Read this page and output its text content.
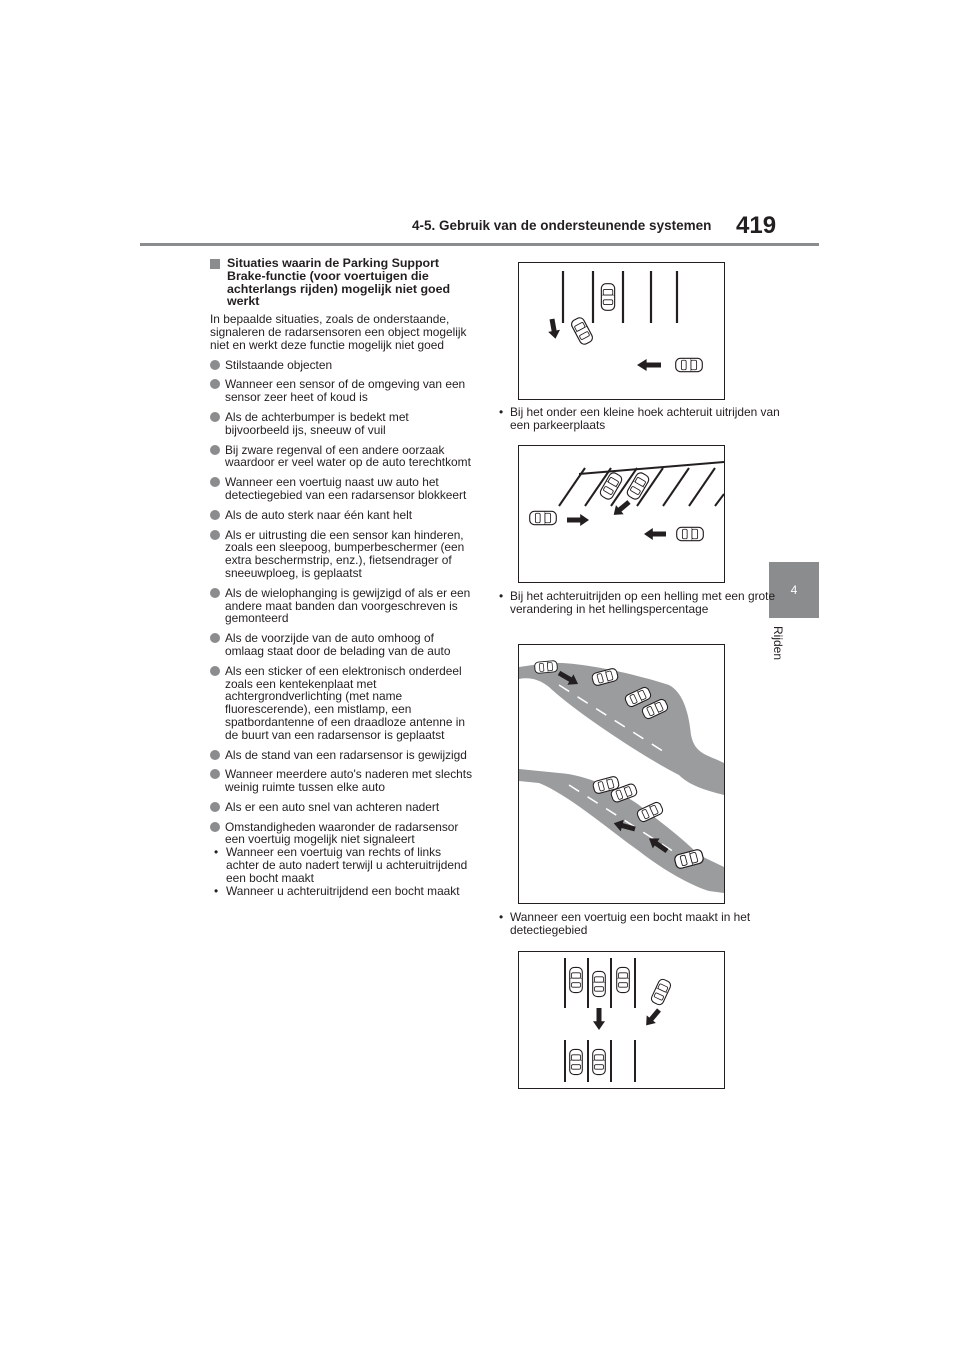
4-5. Gebruik van de ondersteunende systemen 419
4
Rijden
Situaties waarin de Parking Support Brake-functie (voor voertuigen die achterlangs rijden) mogelijk niet goed werkt
In bepaalde situaties, zoals de onderstaande, signaleren de radarsensoren een object mogelijk niet en werkt deze functie mogelijk niet goed
Stilstaande objecten
Wanneer een sensor of de omgeving van een sensor zeer heet of koud is
Als de achterbumper is bedekt met bijvoorbeeld ijs, sneeuw of vuil
Bij zware regenval of een andere oorzaak waardoor er veel water op de auto terechtkomt
Wanneer een voertuig naast uw auto het detectiegebied van een radarsensor blokkeert
Als de auto sterk naar één kant helt
Als er uitrusting die een sensor kan hinderen, zoals een sleepoog, bumperbeschermer (een extra beschermstrip, enz.), fietsendrager of sneeuwploeg, is geplaatst
Als de wielophanging is gewijzigd of als er een andere maat banden dan voorgeschreven is gemonteerd
Als de voorzijde van de auto omhoog of omlaag staat door de belading van de auto
Als een sticker of een elektronisch onderdeel zoals een kentekenplaat met achtergrondverlichting (met name fluorescerende), een mistlamp, een spatbordantenne of een draadloze antenne in de buurt van een radarsensor is geplaatst
Als de stand van een radarsensor is gewijzigd
Wanneer meerdere auto's naderen met slechts weinig ruimte tussen elke auto
Als er een auto snel van achteren nadert
Omstandigheden waaronder de radarsensor een voertuig mogelijk niet signaleert
• Wanneer een voertuig van rechts of links achter de auto nadert terwijl u achteruitrijdend een bocht maakt
• Wanneer u achteruitrijdend een bocht maakt
• Bij het onder een kleine hoek achteruit uitrijden van een parkeerplaats
• Bij het achteruitrijden op een helling met een grote verandering in het hellingspercentage
• Wanneer een voertuig een bocht maakt in het detectiegebied
